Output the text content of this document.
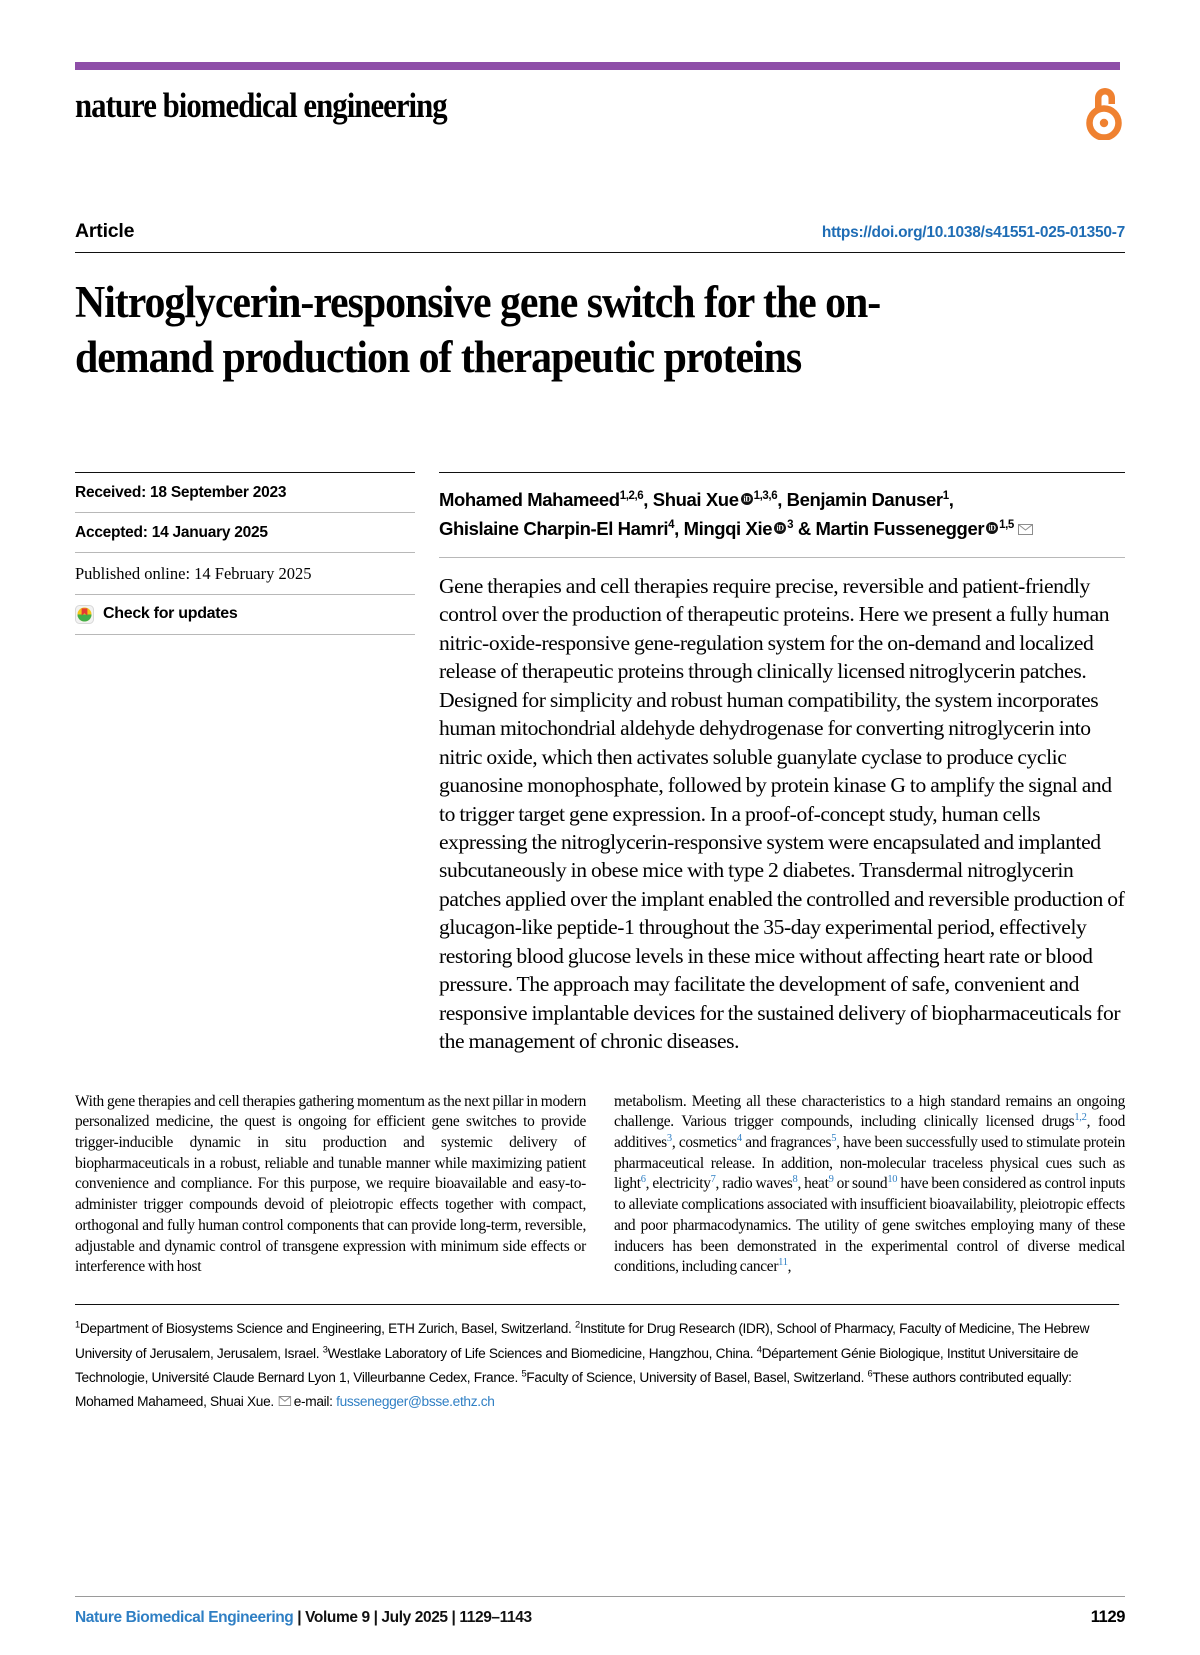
nature biomedical engineering
Article	https://doi.org/10.1038/s41551-025-01350-7
Nitroglycerin-responsive gene switch for the on-demand production of therapeutic proteins
Received: 18 September 2023
Accepted: 14 January 2025
Published online: 14 February 2025
Check for updates
Mohamed Mahameed$^{1,2,6}$, Shuai Xue iD $^{1,3,6}$, Benjamin Danuser$^1$,
Ghislaine Charpin-El Hamri$^4$, Mingqi Xie iD $^3$ & Martin Fussenegger iD $^{1,5}$
Gene therapies and cell therapies require precise, reversible and patient-friendly control over the production of therapeutic proteins. Here we present a fully human nitric-oxide-responsive gene-regulation system for the on-demand and localized release of therapeutic proteins through clinically licensed nitroglycerin patches. Designed for simplicity and robust human compatibility, the system incorporates human mitochondrial aldehyde dehydrogenase for converting nitroglycerin into nitric oxide, which then activates soluble guanylate cyclase to produce cyclic guanosine monophosphate, followed by protein kinase G to amplify the signal and to trigger target gene expression. In a proof-of-concept study, human cells expressing the nitroglycerin-responsive system were encapsulated and implanted subcutaneously in obese mice with type 2 diabetes. Transdermal nitroglycerin patches applied over the implant enabled the controlled and reversible production of glucagon-like peptide-1 throughout the 35-day experimental period, effectively restoring blood glucose levels in these mice without affecting heart rate or blood pressure. The approach may facilitate the development of safe, convenient and responsive implantable devices for the sustained delivery of biopharmaceuticals for the management of chronic diseases.
With gene therapies and cell therapies gathering momentum as the next pillar in modern personalized medicine, the quest is ongoing for efficient gene switches to provide trigger-inducible dynamic in situ production and systemic delivery of biopharmaceuticals in a robust, reliable and tunable manner while maximizing patient convenience and compliance. For this purpose, we require bioavailable and easy-to-administer trigger compounds devoid of pleiotropic effects together with compact, orthogonal and fully human control components that can provide long-term, reversible, adjustable and dynamic control of transgene expression with minimum side effects or interference with host
metabolism. Meeting all these characteristics to a high standard remains an ongoing challenge. Various trigger compounds, including clinically licensed drugs$^{1,2}$, food additives$^3$, cosmetics$^4$ and fragrances$^5$, have been successfully used to stimulate protein pharmaceutical release. In addition, non-molecular traceless physical cues such as light$^6$, electricity$^7$, radio waves$^8$, heat$^9$ or sound$^{10}$ have been considered as control inputs to alleviate complications associated with insufficient bioavailability, pleiotropic effects and poor pharmacodynamics. The utility of gene switches employing many of these inducers has been demonstrated in the experimental control of diverse medical conditions, including cancer$^{11}$,
$^1$Department of Biosystems Science and Engineering, ETH Zurich, Basel, Switzerland. $^2$Institute for Drug Research (IDR), School of Pharmacy, Faculty of Medicine, The Hebrew University of Jerusalem, Jerusalem, Israel. $^3$Westlake Laboratory of Life Sciences and Biomedicine, Hangzhou, China. $^4$Département Génie Biologique, Institut Universitaire de Technologie, Université Claude Bernard Lyon 1, Villeurbanne Cedex, France. $^5$Faculty of Science, University of Basel, Basel, Switzerland. $^6$These authors contributed equally: Mohamed Mahameed, Shuai Xue. e-mail: fussenegger@bsse.ethz.ch
Nature Biomedical Engineering | Volume 9 | July 2025 | 1129–1143	1129
